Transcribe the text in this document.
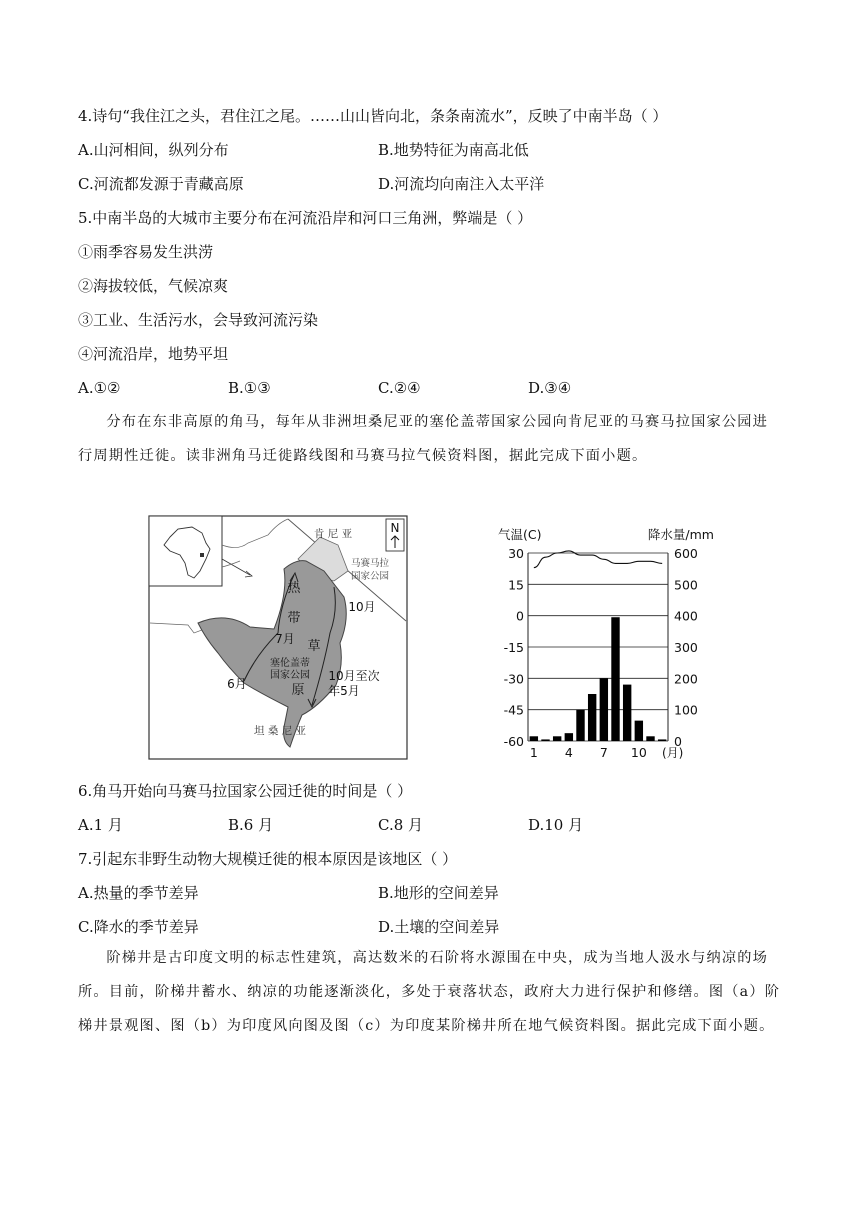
4.诗句“我住江之头，君住江之尾。……山山皆向北，条条南流水”，反映了中南半岛（ ）
A.山河相间，纵列分布	B.地势特征为南高北低
C.河流都发源于青藏高原	D.河流均向南注入太平洋
5.中南半岛的大城市主要分布在河流沿岸和河口三角洲，弊端是（ ）
①雨季容易发生洪涝
②海拔较低，气候凉爽
③工业、生活污水，会导致河流污染
④河流沿岸，地势平坦
A.①②	B.①③	C.②④	D.③④
分布在东非高原的角马，每年从非洲坦桑尼亚的塞伦盖蒂国家公园向肯尼亚的马赛马拉国家公园进行周期性迁徙。读非洲角马迁徙路线图和马赛马拉气候资料图，据此完成下面小题。
N
肯 尼 亚
坦 桑 尼 亚
马赛马拉
国家公园
塞伦盖蒂
国家公园
热
带
草
原
10月
7月
6月
10月至次
年5月
气温(C)	降水量/mm
30
15
0
-15
-30
-45
-60
600
500
400
300
200
100
0
1 4 7 10 (月)
6.角马开始向马赛马拉国家公园迁徙的时间是（ ）
A.1 月	B.6 月	C.8 月	D.10 月
7.引起东非野生动物大规模迁徙的根本原因是该地区（ ）
A.热量的季节差异	B.地形的空间差异
C.降水的季节差异	D.土壤的空间差异
阶梯井是古印度文明的标志性建筑，高达数米的石阶将水源围在中央，成为当地人汲水与纳凉的场所。目前，阶梯井蓄水、纳凉的功能逐渐淡化，多处于衰落状态，政府大力进行保护和修缮。图（a）阶梯井景观图、图（b）为印度风向图及图（c）为印度某阶梯井所在地气候资料图。据此完成下面小题。
